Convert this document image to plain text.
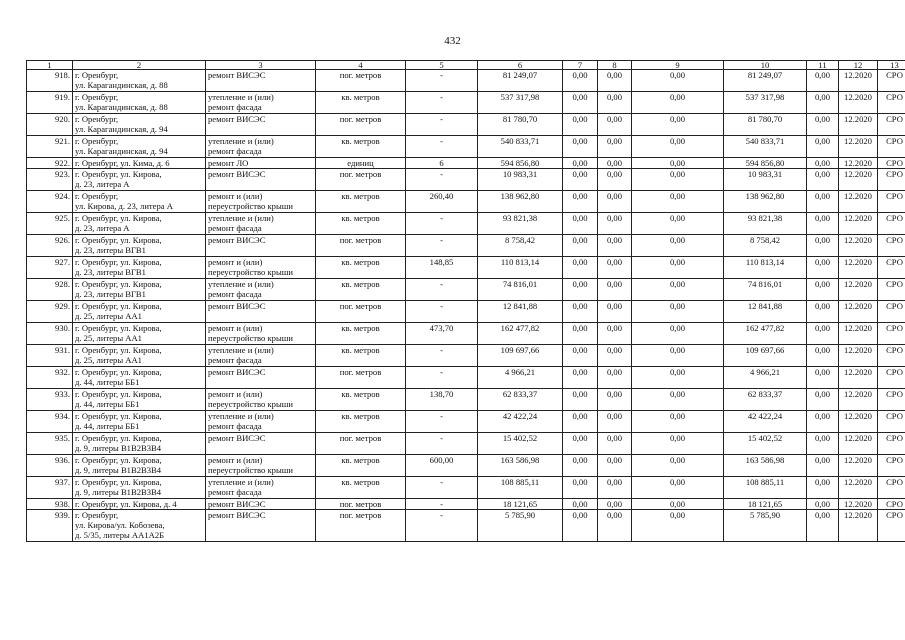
432
1	2	3	4	5	6	7	8	9	10	11	12	13
918.	г. Оренбург,
ул. Карагандинская, д. 88	ремонт ВИСЭС	пог. метров	-	81 249,07	0,00	0,00	0,00	81 249,07	0,00	12.2020	СРО
919.	г. Оренбург,
ул. Карагандинская, д. 88	утепление и (или)
ремонт фасада	кв. метров	-	537 317,98	0,00	0,00	0,00	537 317,98	0,00	12.2020	СРО
920.	г. Оренбург,
ул. Карагандинская, д. 94	ремонт ВИСЭС	пог. метров	-	81 780,70	0,00	0,00	0,00	81 780,70	0,00	12.2020	СРО
921.	г. Оренбург,
ул. Карагандинская, д. 94	утепление и (или)
ремонт фасада	кв. метров	-	540 833,71	0,00	0,00	0,00	540 833,71	0,00	12.2020	СРО
922.	г. Оренбург, ул. Кима, д. 6	ремонт ЛО	единиц	6	594 856,80	0,00	0,00	0,00	594 856,80	0,00	12.2020	СРО
923.	г. Оренбург, ул. Кирова,
д. 23, литера А	ремонт ВИСЭС	пог. метров	-	10 983,31	0,00	0,00	0,00	10 983,31	0,00	12.2020	СРО
924.	г. Оренбург,
ул. Кирова, д. 23, литера А	ремонт и (или)
переустройство крыши	кв. метров	260,40	138 962,80	0,00	0,00	0,00	138 962,80	0,00	12.2020	СРО
925.	г. Оренбург, ул. Кирова,
д. 23, литера А	утепление и (или)
ремонт фасада	кв. метров	-	93 821,38	0,00	0,00	0,00	93 821,38	0,00	12.2020	СРО
926.	г. Оренбург, ул. Кирова,
д. 23, литеры ВГВ1	ремонт ВИСЭС	пог. метров	-	8 758,42	0,00	0,00	0,00	8 758,42	0,00	12.2020	СРО
927.	г. Оренбург, ул. Кирова,
д. 23, литеры ВГВ1	ремонт и (или)
переустройство крыши	кв. метров	148,85	110 813,14	0,00	0,00	0,00	110 813,14	0,00	12.2020	СРО
928.	г. Оренбург, ул. Кирова,
д. 23, литеры ВГВ1	утепление и (или)
ремонт фасада	кв. метров	-	74 816,01	0,00	0,00	0,00	74 816,01	0,00	12.2020	СРО
929.	г. Оренбург, ул. Кирова,
д. 25, литеры АА1	ремонт ВИСЭС	пог. метров	-	12 841,88	0,00	0,00	0,00	12 841,88	0,00	12.2020	СРО
930.	г. Оренбург, ул. Кирова,
д. 25, литеры АА1	ремонт и (или)
переустройство крыши	кв. метров	473,70	162 477,82	0,00	0,00	0,00	162 477,82	0,00	12.2020	СРО
931.	г. Оренбург, ул. Кирова,
д. 25, литеры АА1	утепление и (или)
ремонт фасада	кв. метров	-	109 697,66	0,00	0,00	0,00	109 697,66	0,00	12.2020	СРО
932.	г. Оренбург, ул. Кирова,
д. 44, литеры ББ1	ремонт ВИСЭС	пог. метров	-	4 966,21	0,00	0,00	0,00	4 966,21	0,00	12.2020	СРО
933.	г. Оренбург, ул. Кирова,
д. 44, литеры ББ1	ремонт и (или)
переустройство крыши	кв. метров	138,70	62 833,37	0,00	0,00	0,00	62 833,37	0,00	12.2020	СРО
934.	г. Оренбург, ул. Кирова,
д. 44, литеры ББ1	утепление и (или)
ремонт фасада	кв. метров	-	42 422,24	0,00	0,00	0,00	42 422,24	0,00	12.2020	СРО
935.	г. Оренбург, ул. Кирова,
д. 9, литеры В1В2В3В4	ремонт ВИСЭС	пог. метров	-	15 402,52	0,00	0,00	0,00	15 402,52	0,00	12.2020	СРО
936.	г. Оренбург, ул. Кирова,
д. 9, литеры В1В2В3В4	ремонт и (или)
переустройство крыши	кв. метров	600,00	163 586,98	0,00	0,00	0,00	163 586,98	0,00	12.2020	СРО
937.	г. Оренбург, ул. Кирова,
д. 9, литеры В1В2В3В4	утепление и (или)
ремонт фасада	кв. метров	-	108 885,11	0,00	0,00	0,00	108 885,11	0,00	12.2020	СРО
938.	г. Оренбург, ул. Кирова, д. 4	ремонт ВИСЭС	пог. метров	-	18 121,65	0,00	0,00	0,00	18 121,65	0,00	12.2020	СРО
939.	г. Оренбург,
ул. Кирова/ул. Кобозева,
д. 5/35, литеры АА1А2Б	ремонт ВИСЭС	пог. метров	-	5 785,90	0,00	0,00	0,00	5 785,90	0,00	12.2020	СРО
